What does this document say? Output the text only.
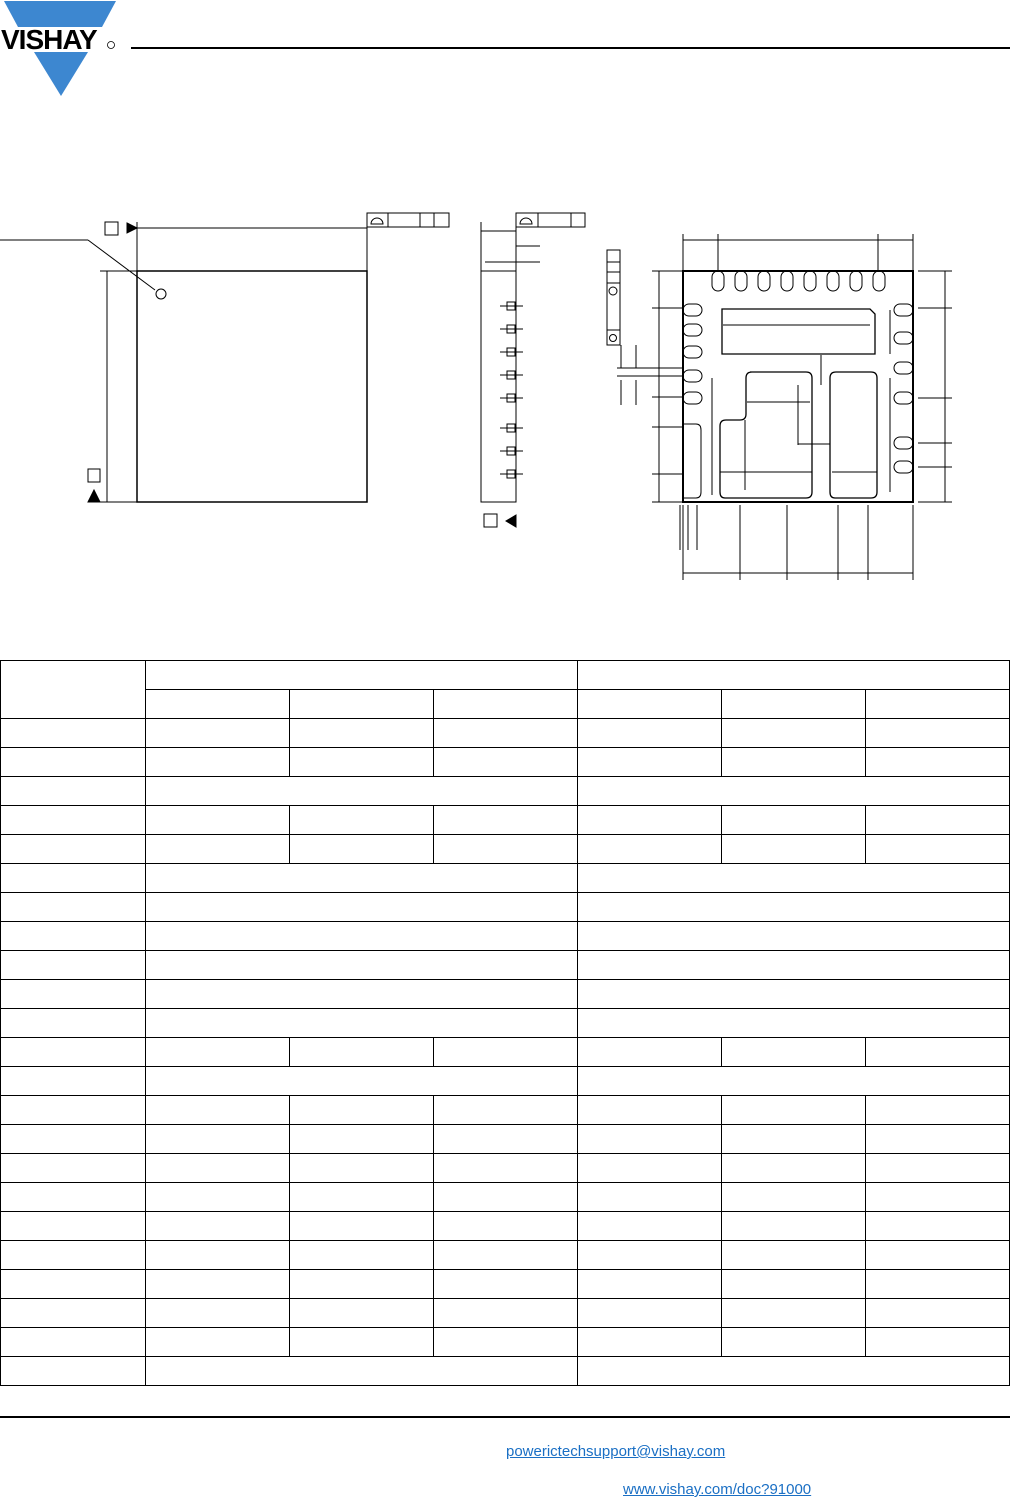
VISHAY

powerictechsupport@vishay.com
www.vishay.com/doc?91000
